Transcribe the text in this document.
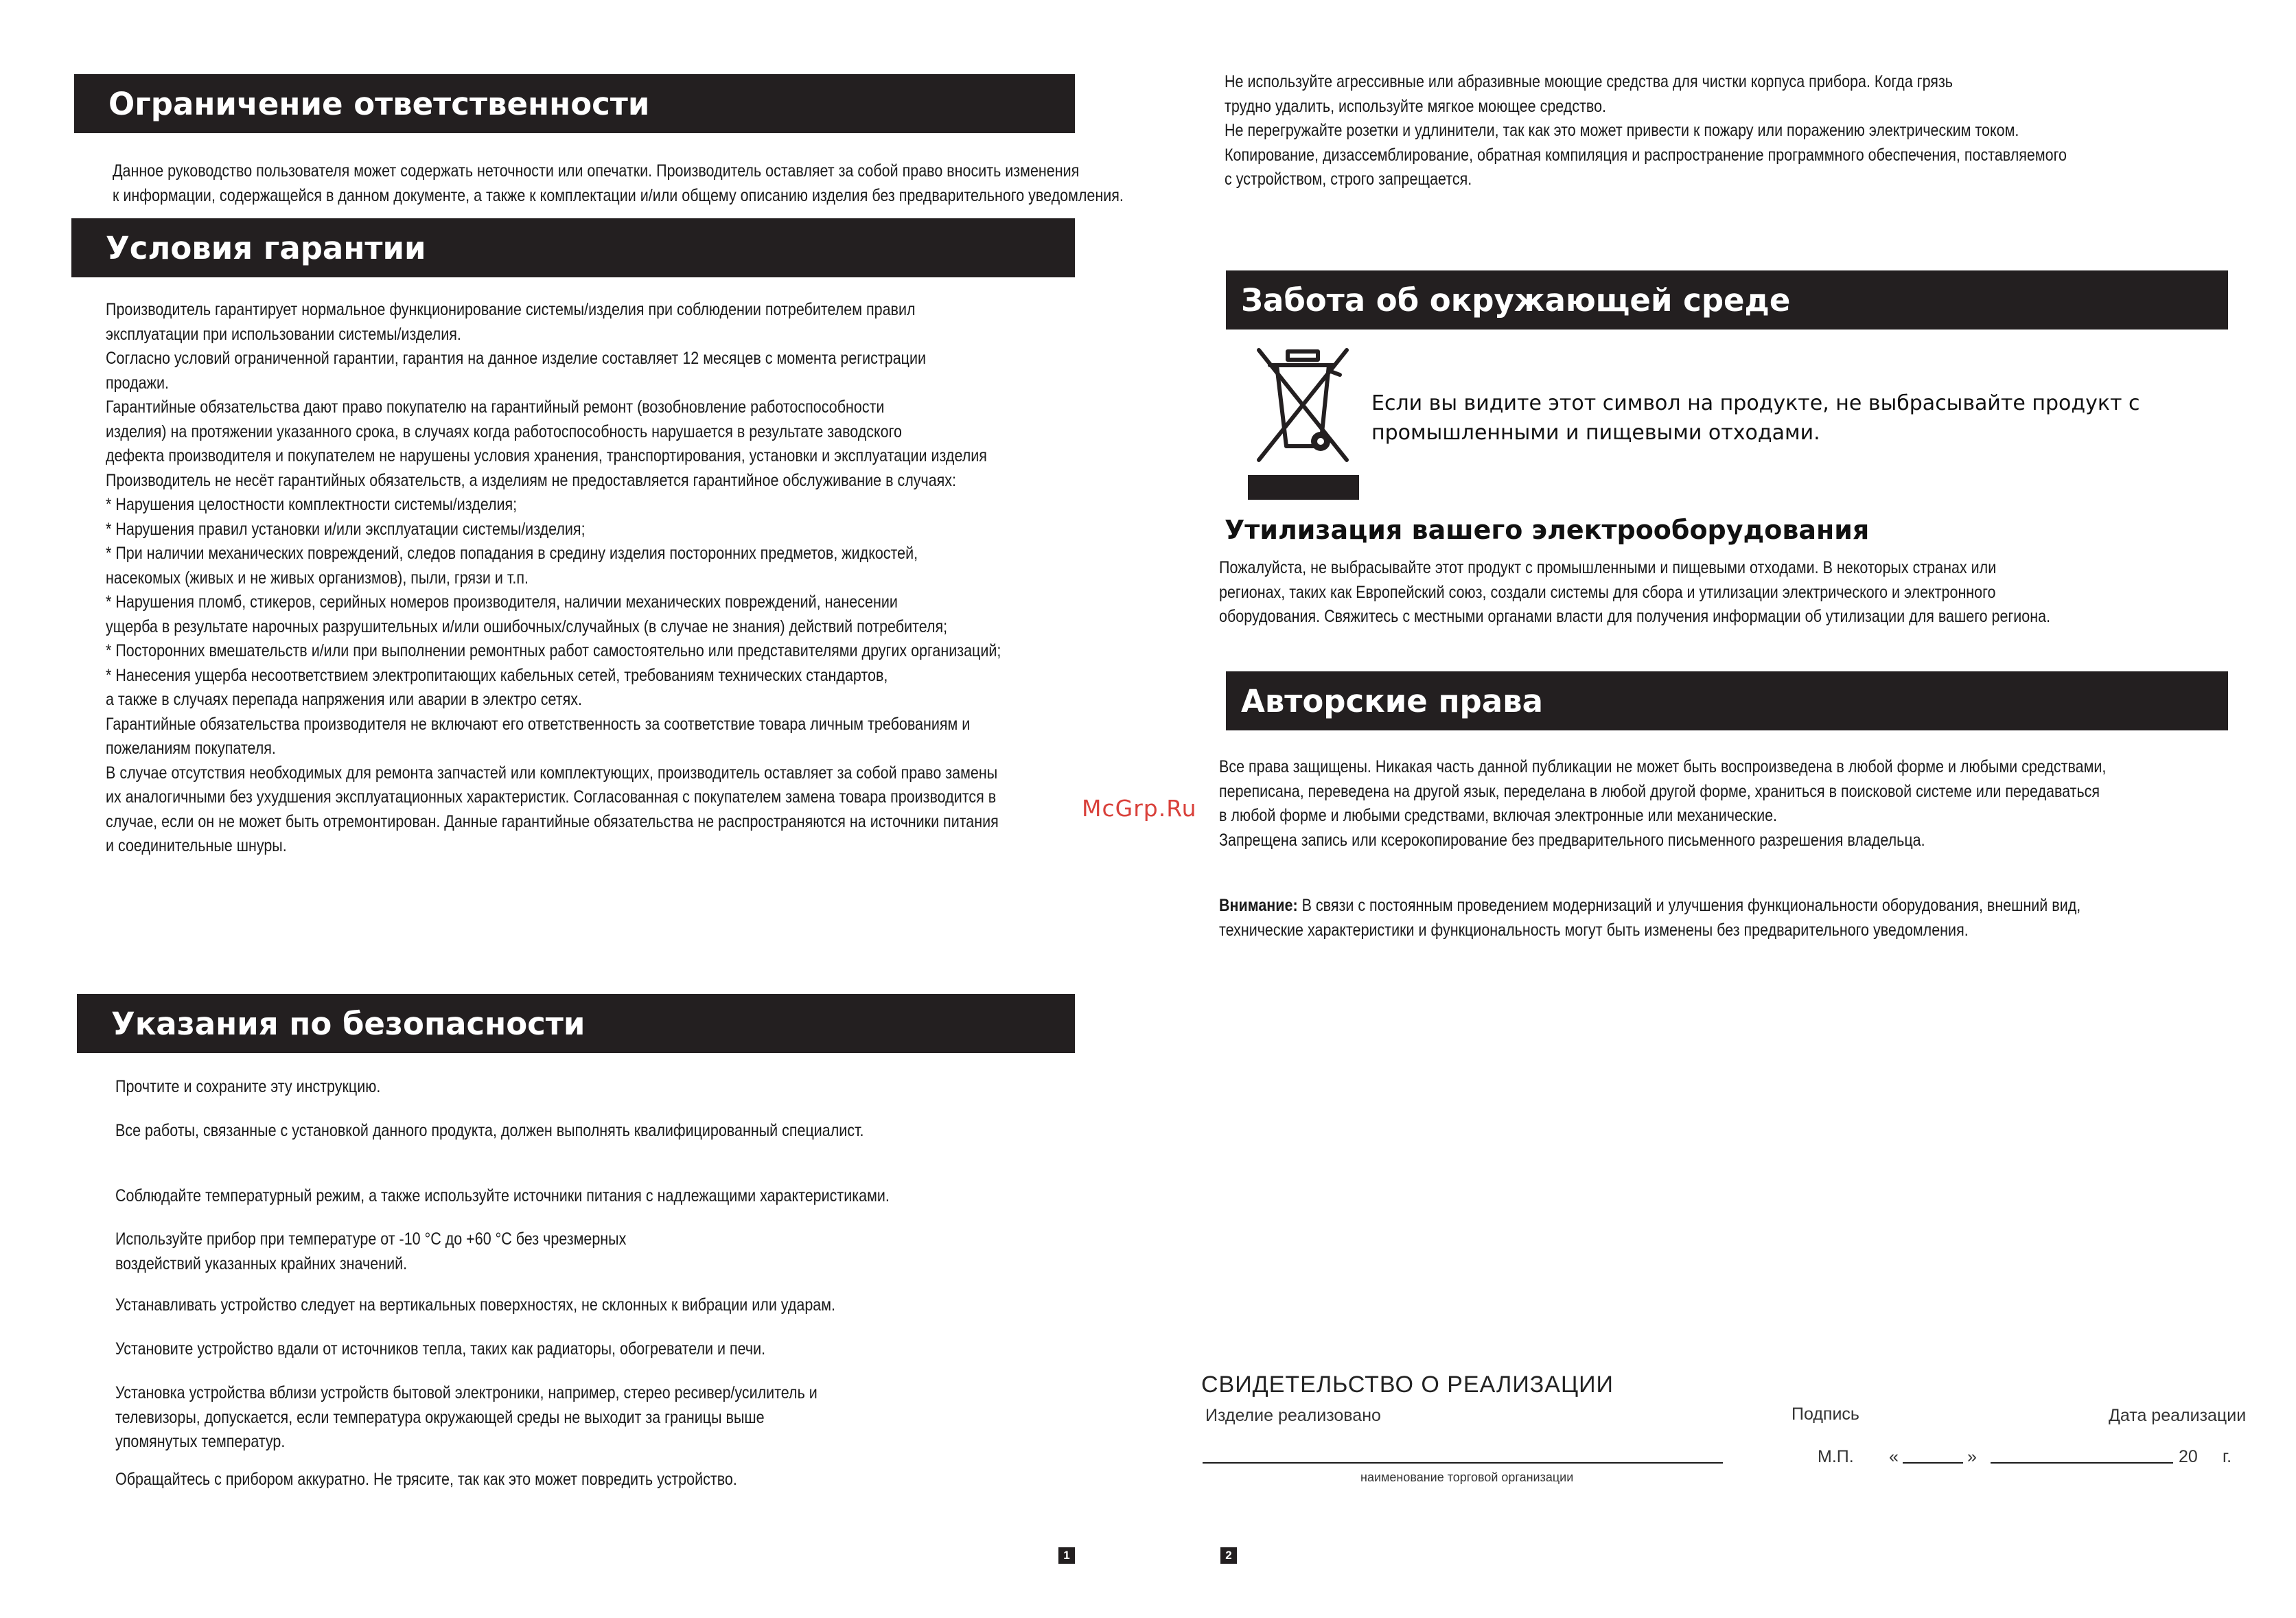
Ограничение ответственности

Данное руководство пользователя может содержать неточности или опечатки. Производитель оставляет за собой право вносить изменения

к информации, содержащейся в данном документе, а также к комплектации и/или общему описанию изделия без предварительного уведомления.

Условия гарантии

Производитель гарантирует нормальное функционирование системы/изделия при соблюдении потребителем правил

эксплуатации при использовании системы/изделия.

Согласно условий ограниченной гарантии, гарантия на данное изделие составляет 12 месяцев с момента регистрации

продажи.

Гарантийные обязательства дают право покупателю на гарантийный ремонт (возобновление работоспособности

изделия) на протяжении указанного срока, в случаях когда работоспособность нарушается в результате заводского

дефекта производителя и покупателем не нарушены условия хранения, транспортирования, установки и эксплуатации изделия

Производитель не несёт гарантийных обязательств, а изделиям не предоставляется гарантийное обслуживание в случаях:

* Нарушения целостности комплектности системы/изделия;

* Нарушения правил установки и/или эксплуатации системы/изделия;

* При наличии механических повреждений, следов попадания в средину изделия посторонних предметов, жидкостей,

насекомых (живых и не живых организмов), пыли, грязи и т.п.

* Нарушения пломб, стикеров, серийных номеров производителя, наличии механических повреждений, нанесении

ущерба в результате нарочных разрушительных и/или ошибочных/случайных (в случае не знания) действий потребителя;

* Посторонних вмешательств и/или при выполнении ремонтных работ самостоятельно или представителями других организаций;

* Нанесения ущерба несоответствием электропитающих кабельных сетей, требованиям технических стандартов,

а также в случаях перепада напряжения или аварии в электро сетях.

Гарантийные обязательства производителя не включают его ответственность за соответствие товара личным требованиям и

пожеланиям покупателя.

В случае отсутствия необходимых для ремонта запчастей или комплектующих, производитель оставляет за собой право замены

их аналогичными без ухудшения эксплуатационных характеристик. Согласованная с покупателем замена товара производится в

случае, если он не может быть отремонтирован. Данные гарантийные обязательства не распространяются на источники питания

и соединительные шнуры.

Указания по безопасности

Прочтите и сохраните эту инструкцию.

Все работы, связанные с установкой данного продукта, должен выполнять квалифицированный специалист.

Соблюдайте температурный режим, а также используйте источники питания с надлежащими характеристиками.

Используйте прибор при температуре от -10 °С до +60 °С без чрезмерных

воздействий указанных крайних значений.

Устанавливать устройство следует на вертикальных поверхностях, не склонных к вибрации или ударам.

Установите устройство вдали от источников тепла, таких как радиаторы, обогреватели и печи.

Установка устройства вблизи устройств бытовой электроники, например, стерео ресивер/усилитель и

телевизоры, допускается, если температура окружающей среды не выходит за границы выше

упомянутых температур.

Обращайтесь с прибором аккуратно. Не трясите, так как это может повредить устройство.

1

Не используйте агрессивные или абразивные моющие средства для чистки корпуса прибора. Когда грязь

трудно удалить, используйте мягкое моющее средство.

Не перегружайте розетки и удлинители, так как это может привести к пожару или поражению электрическим током.

Копирование, дизассемблирование, обратная компиляция и распространение программного обеспечения, поставляемого

с устройством, строго запрещается.

Забота об окружающей среде
Если вы видите этот символ на продукте, не выбрасывайте продукт с
промышленными и пищевыми отходами.
Утилизация вашего электрооборудования

Пожалуйста, не выбрасывайте этот продукт с промышленными и пищевыми отходами. В некоторых странах или

регионах, таких как Европейский союз, создали системы для сбора и утилизации электрического и электронного

оборудования. Свяжитесь с местными органами власти для получения информации об утилизации для вашего региона.

Авторские права

Все права защищены. Никакая часть данной публикации не может быть воспроизведена в любой форме и любыми средствами,

переписана, переведена на другой язык, переделана в любой другой форме, храниться в поисковой системе или передаваться

в любой форме и любыми средствами, включая электронные или механические.

Запрещена запись или ксерокопирование без предварительного письменного разрешения владельца.

Внимание: В связи с постоянным проведением модернизаций и улучшения функциональности оборудования, внешний вид,

технические характеристики и функциональность могут быть изменены без предварительного уведомления.

McGrp.Ru
СВИДЕТЕЛЬСТВО О РЕАЛИЗАЦИИ
Изделие реализовано	Подпись	Дата реализации
наименование торговой организации
М.П. «	»	20 г.
2
